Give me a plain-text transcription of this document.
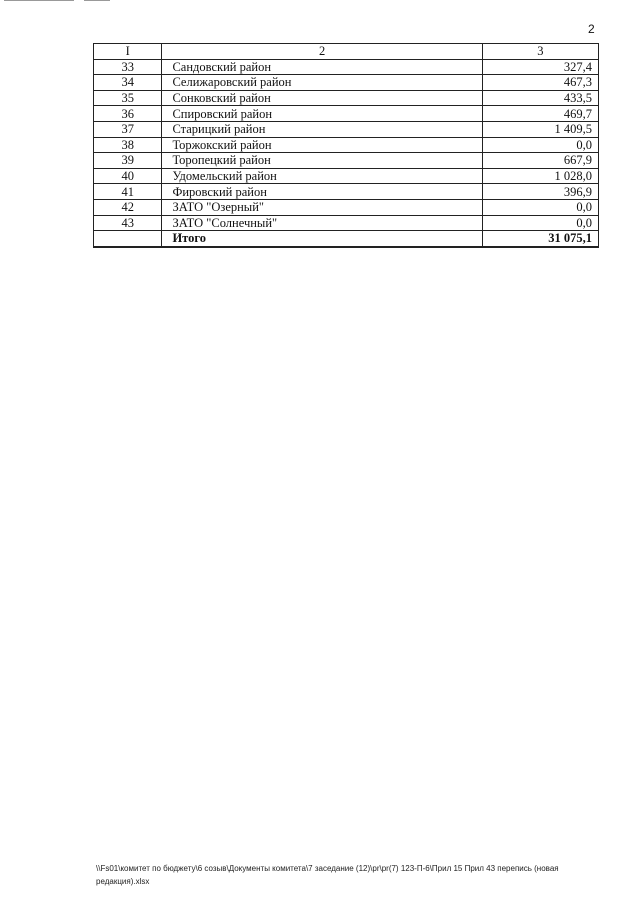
2
I	2	3
33	Сандовский район	327,4
34	Селижаровский район	467,3
35	Сонковский район	433,5
36	Спировский район	469,7
37	Старицкий район	1 409,5
38	Торжокский район	0,0
39	Торопецкий район	667,9
40	Удомельский район	1 028,0
41	Фировский район	396,9
42	ЗАТО "Озерный"	0,0
43	ЗАТО "Солнечный"	0,0
	Итого	31 075,1
\\Fs01\комитет по бюджету\6 созыв\Документы комитета\7 заседание (12)\pr\pr(7) 123-П-6\Прил 15 Прил 43 перепись (новая редакция).xlsx
